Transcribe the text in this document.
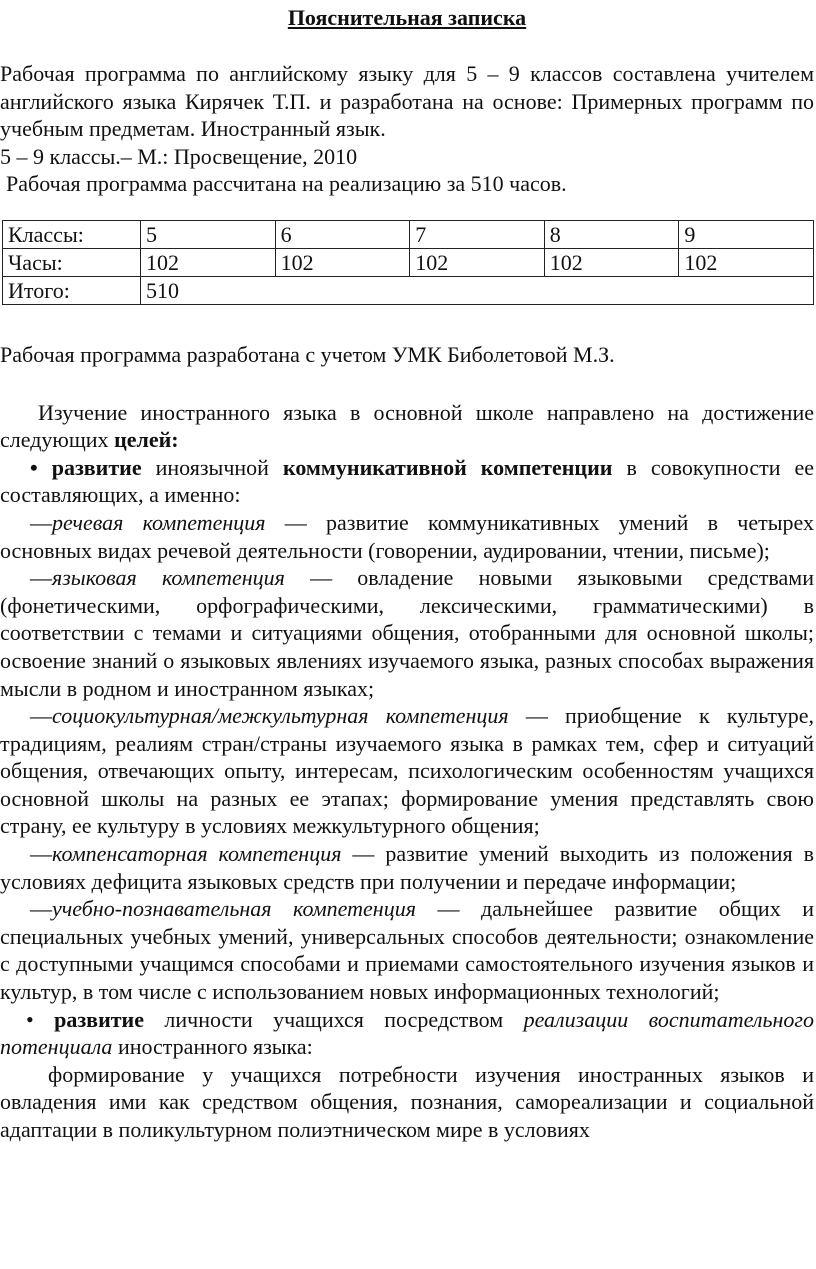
Пояснительная записка

Рабочая программа по английскому языку для 5 – 9 классов составлена учителем английского языка Кирячек Т.П. и разработана на основе: Примерных программ по учебным предметам. Иностранный язык.

5 – 9 классы.– М.: Просвещение, 2010

Рабочая программа рассчитана на реализацию за 510 часов.

Классы:	5	6	7	8	9
Часы:	102	102	102	102	102
Итого:	510				

Рабочая программа разработана с учетом УМК Биболетовой М.З.

Изучение иностранного языка в основной школе направлено на достижение следующих целей:

• развитие иноязычной коммуникативной компетенции в совокупности ее составляющих, а именно:

—речевая компетенция — развитие коммуникативных умений в четырех основных видах речевой деятельности (говорении, аудировании, чтении, письме);

—языковая компетенция — овладение новыми языковыми средствами (фонетическими, орфографическими, лексическими, грамматическими) в соответствии с темами и ситуациями общения, отобранными для основной школы; освоение знаний о языковых явлениях изучаемого языка, разных способах выражения мысли в родном и иностранном языках;

—социокультурная/межкультурная компетенция — приобщение к культуре, традициям, реалиям стран/страны изучаемого языка в рамках тем, сфер и ситуаций общения, отвечающих опыту, интересам, психологическим особенностям учащихся основной школы на разных ее этапах; формирование умения представлять свою страну, ее культуру в условиях межкультурного общения;

—компенсаторная компетенция — развитие умений выходить из положения в условиях дефицита языковых средств при получении и передаче информации;

—учебно-познавательная компетенция — дальнейшее развитие общих и специальных учебных умений, универсальных способов деятельности; ознакомление с доступными учащимся способами и приемами самостоятельного изучения языков и культур, в том числе с использованием новых информационных технологий;

• развитие личности учащихся посредством реализации воспитательного потенциала иностранного языка:

формирование у учащихся потребности изучения иностранных языков и овладения ими как средством общения, познания, самореализации и социальной адаптации в поликультурном полиэтническом мире в условиях
